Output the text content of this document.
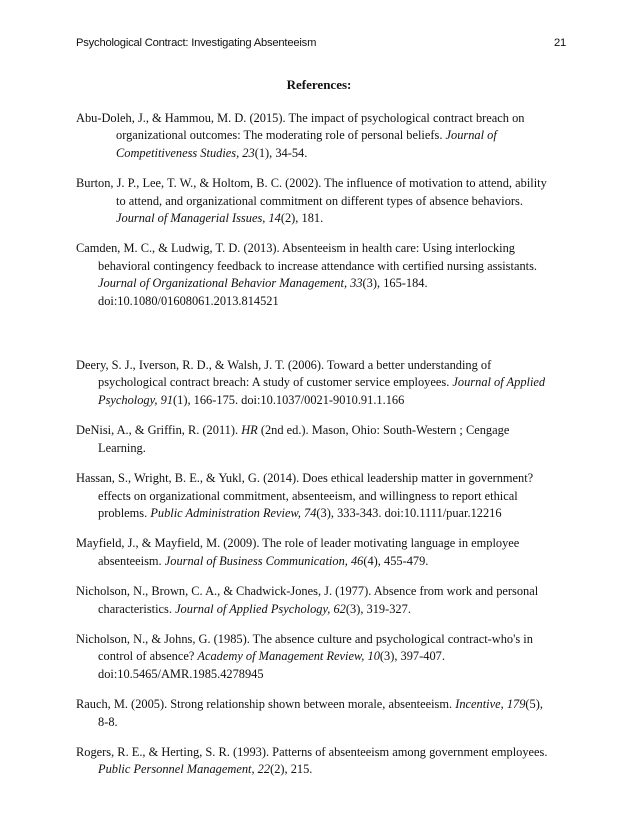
Psychological Contract: Investigating Absenteeism	21
References:

Abu-Doleh, J., & Hammou, M. D. (2015). The impact of psychological contract breach on organizational outcomes: The moderating role of personal beliefs. Journal of Competitiveness Studies, 23(1), 34-54.

Burton, J. P., Lee, T. W., & Holtom, B. C. (2002). The influence of motivation to attend, ability to attend, and organizational commitment on different types of absence behaviors. Journal of Managerial Issues, 14(2), 181.

Camden, M. C., & Ludwig, T. D. (2013). Absenteeism in health care: Using interlocking behavioral contingency feedback to increase attendance with certified nursing assistants. Journal of Organizational Behavior Management, 33(3), 165-184. doi:10.1080/01608061.2013.814521

Deery, S. J., Iverson, R. D., & Walsh, J. T. (2006). Toward a better understanding of psychological contract breach: A study of customer service employees. Journal of Applied Psychology, 91(1), 166-175. doi:10.1037/0021-9010.91.1.166

DeNisi, A., & Griffin, R. (2011). HR (2nd ed.). Mason, Ohio: South-Western ; Cengage Learning.

Hassan, S., Wright, B. E., & Yukl, G. (2014). Does ethical leadership matter in government? effects on organizational commitment, absenteeism, and willingness to report ethical problems. Public Administration Review, 74(3), 333-343. doi:10.1111/puar.12216

Mayfield, J., & Mayfield, M. (2009). The role of leader motivating language in employee absenteeism. Journal of Business Communication, 46(4), 455-479.

Nicholson, N., Brown, C. A., & Chadwick-Jones, J. (1977). Absence from work and personal characteristics. Journal of Applied Psychology, 62(3), 319-327.

Nicholson, N., & Johns, G. (1985). The absence culture and psychological contract-who's in control of absence? Academy of Management Review, 10(3), 397-407. doi:10.5465/AMR.1985.4278945

Rauch, M. (2005). Strong relationship shown between morale, absenteeism. Incentive, 179(5), 8-8.

Rogers, R. E., & Herting, S. R. (1993). Patterns of absenteeism among government employees. Public Personnel Management, 22(2), 215.
